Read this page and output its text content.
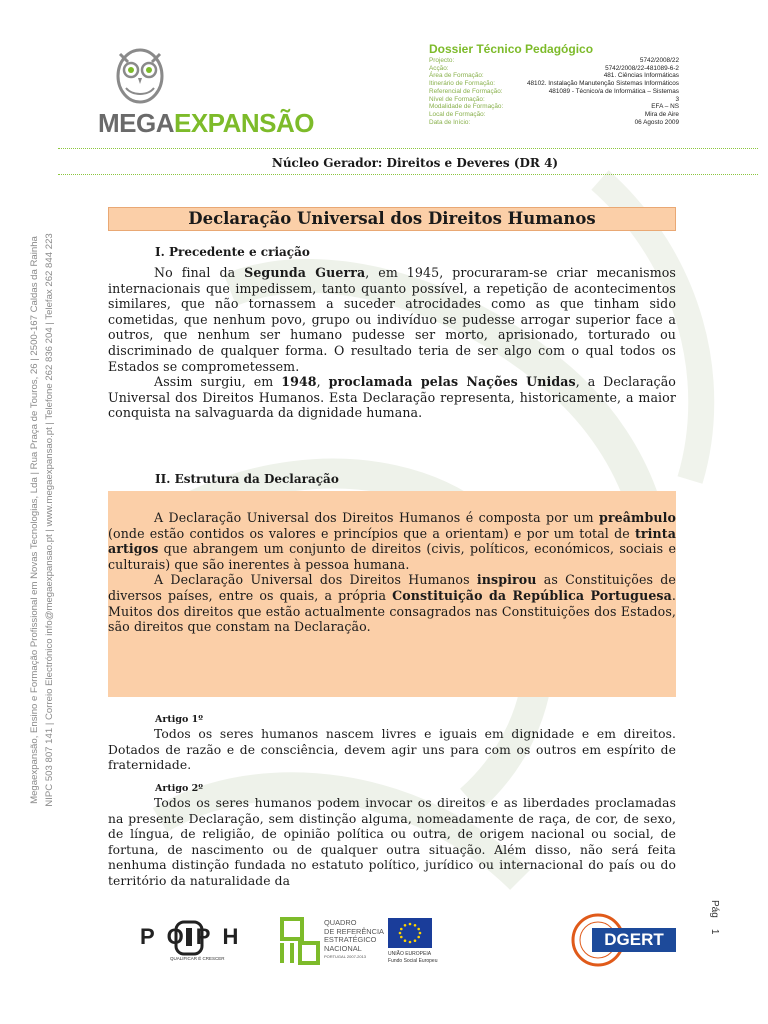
MEGAEXPANSÃO
Dossier Técnico Pedagógico
Projecto:	5742/2008/22
Acção:	5742/2008/22-481089-6-2
Área de Formação:	481. Ciências Informáticas
Itinerário de Formação:	48102. Instalação Manutenção Sistemas Informáticos
Referencial de Formação:	481089 - Técnico/a de Informática – Sistemas
Nível de Formação:	3
Modalidade de Formação:	EFA – NS
Local de Formação:	Mira de Aire
Data de Início:	06 Agosto 2009
Núcleo Gerador: Direitos e Deveres (DR 4)
Megaexpansão, Ensino e Formação Profissional em Novas Tecnologias, Lda | Rua Praça de Touros, 26 | 2500-167 Caldas da Rainha NIPC 503 807 141 | Correio Electrónico info@megaexpansao.pt | www.megaexpansao.pt | Telefone 262 836 204 | Telefax 262 844 223
Declaração Universal dos Direitos Humanos
I. Precedente e criação

No final da Segunda Guerra, em 1945, procuraram-se criar mecanismos internacionais que impedissem, tanto quanto possível, a repetição de acontecimentos similares, que não tornassem a suceder atrocidades como as que tinham sido cometidas, que nenhum povo, grupo ou indivíduo se pudesse arrogar superior face a outros, que nenhum ser humano pudesse ser morto, aprisionado, torturado ou discriminado de qualquer forma. O resultado teria de ser algo com o qual todos os Estados se comprometessem.

Assim surgiu, em 1948, proclamada pelas Nações Unidas, a Declaração Universal dos Direitos Humanos. Esta Declaração representa, historicamente, a maior conquista na salvaguarda da dignidade humana.

II. Estrutura da Declaração

A Declaração Universal dos Direitos Humanos é composta por um preâmbulo (onde estão contidos os valores e princípios que a orientam) e por um total de trinta artigos que abrangem um conjunto de direitos (civis, políticos, económicos, sociais e culturais) que são inerentes à pessoa humana.

A Declaração Universal dos Direitos Humanos inspirou as Constituições de diversos países, entre os quais, a própria Constituição da República Portuguesa. Muitos dos direitos que estão actualmente consagrados nas Constituições dos Estados, são direitos que constam na Declaração.

Artigo 1º

Todos os seres humanos nascem livres e iguais em dignidade e em direitos. Dotados de razão e de consciência, devem agir uns para com os outros em espírito de fraternidade.

Artigo 2º

Todos os seres humanos podem invocar os direitos e as liberdades proclamadas na presente Declaração, sem distinção alguma, nomeadamente de raça, de cor, de sexo, de língua, de religião, de opinião política ou outra, de origem nacional ou social, de fortuna, de nascimento ou de qualquer outra situação. Além disso, não será feita nenhuma distinção fundada no estatuto político, jurídico ou internacional do país ou do território da naturalidade da

POPH
QUALIFICAR É CRESCER
QUADRO
DE REFERÊNCIA
ESTRATÉGICO
NACIONAL
PORTUGAL 2007-2013	UNIÃO EUROPEIA
Fundo Social Europeu
DGERT
Pág    1
